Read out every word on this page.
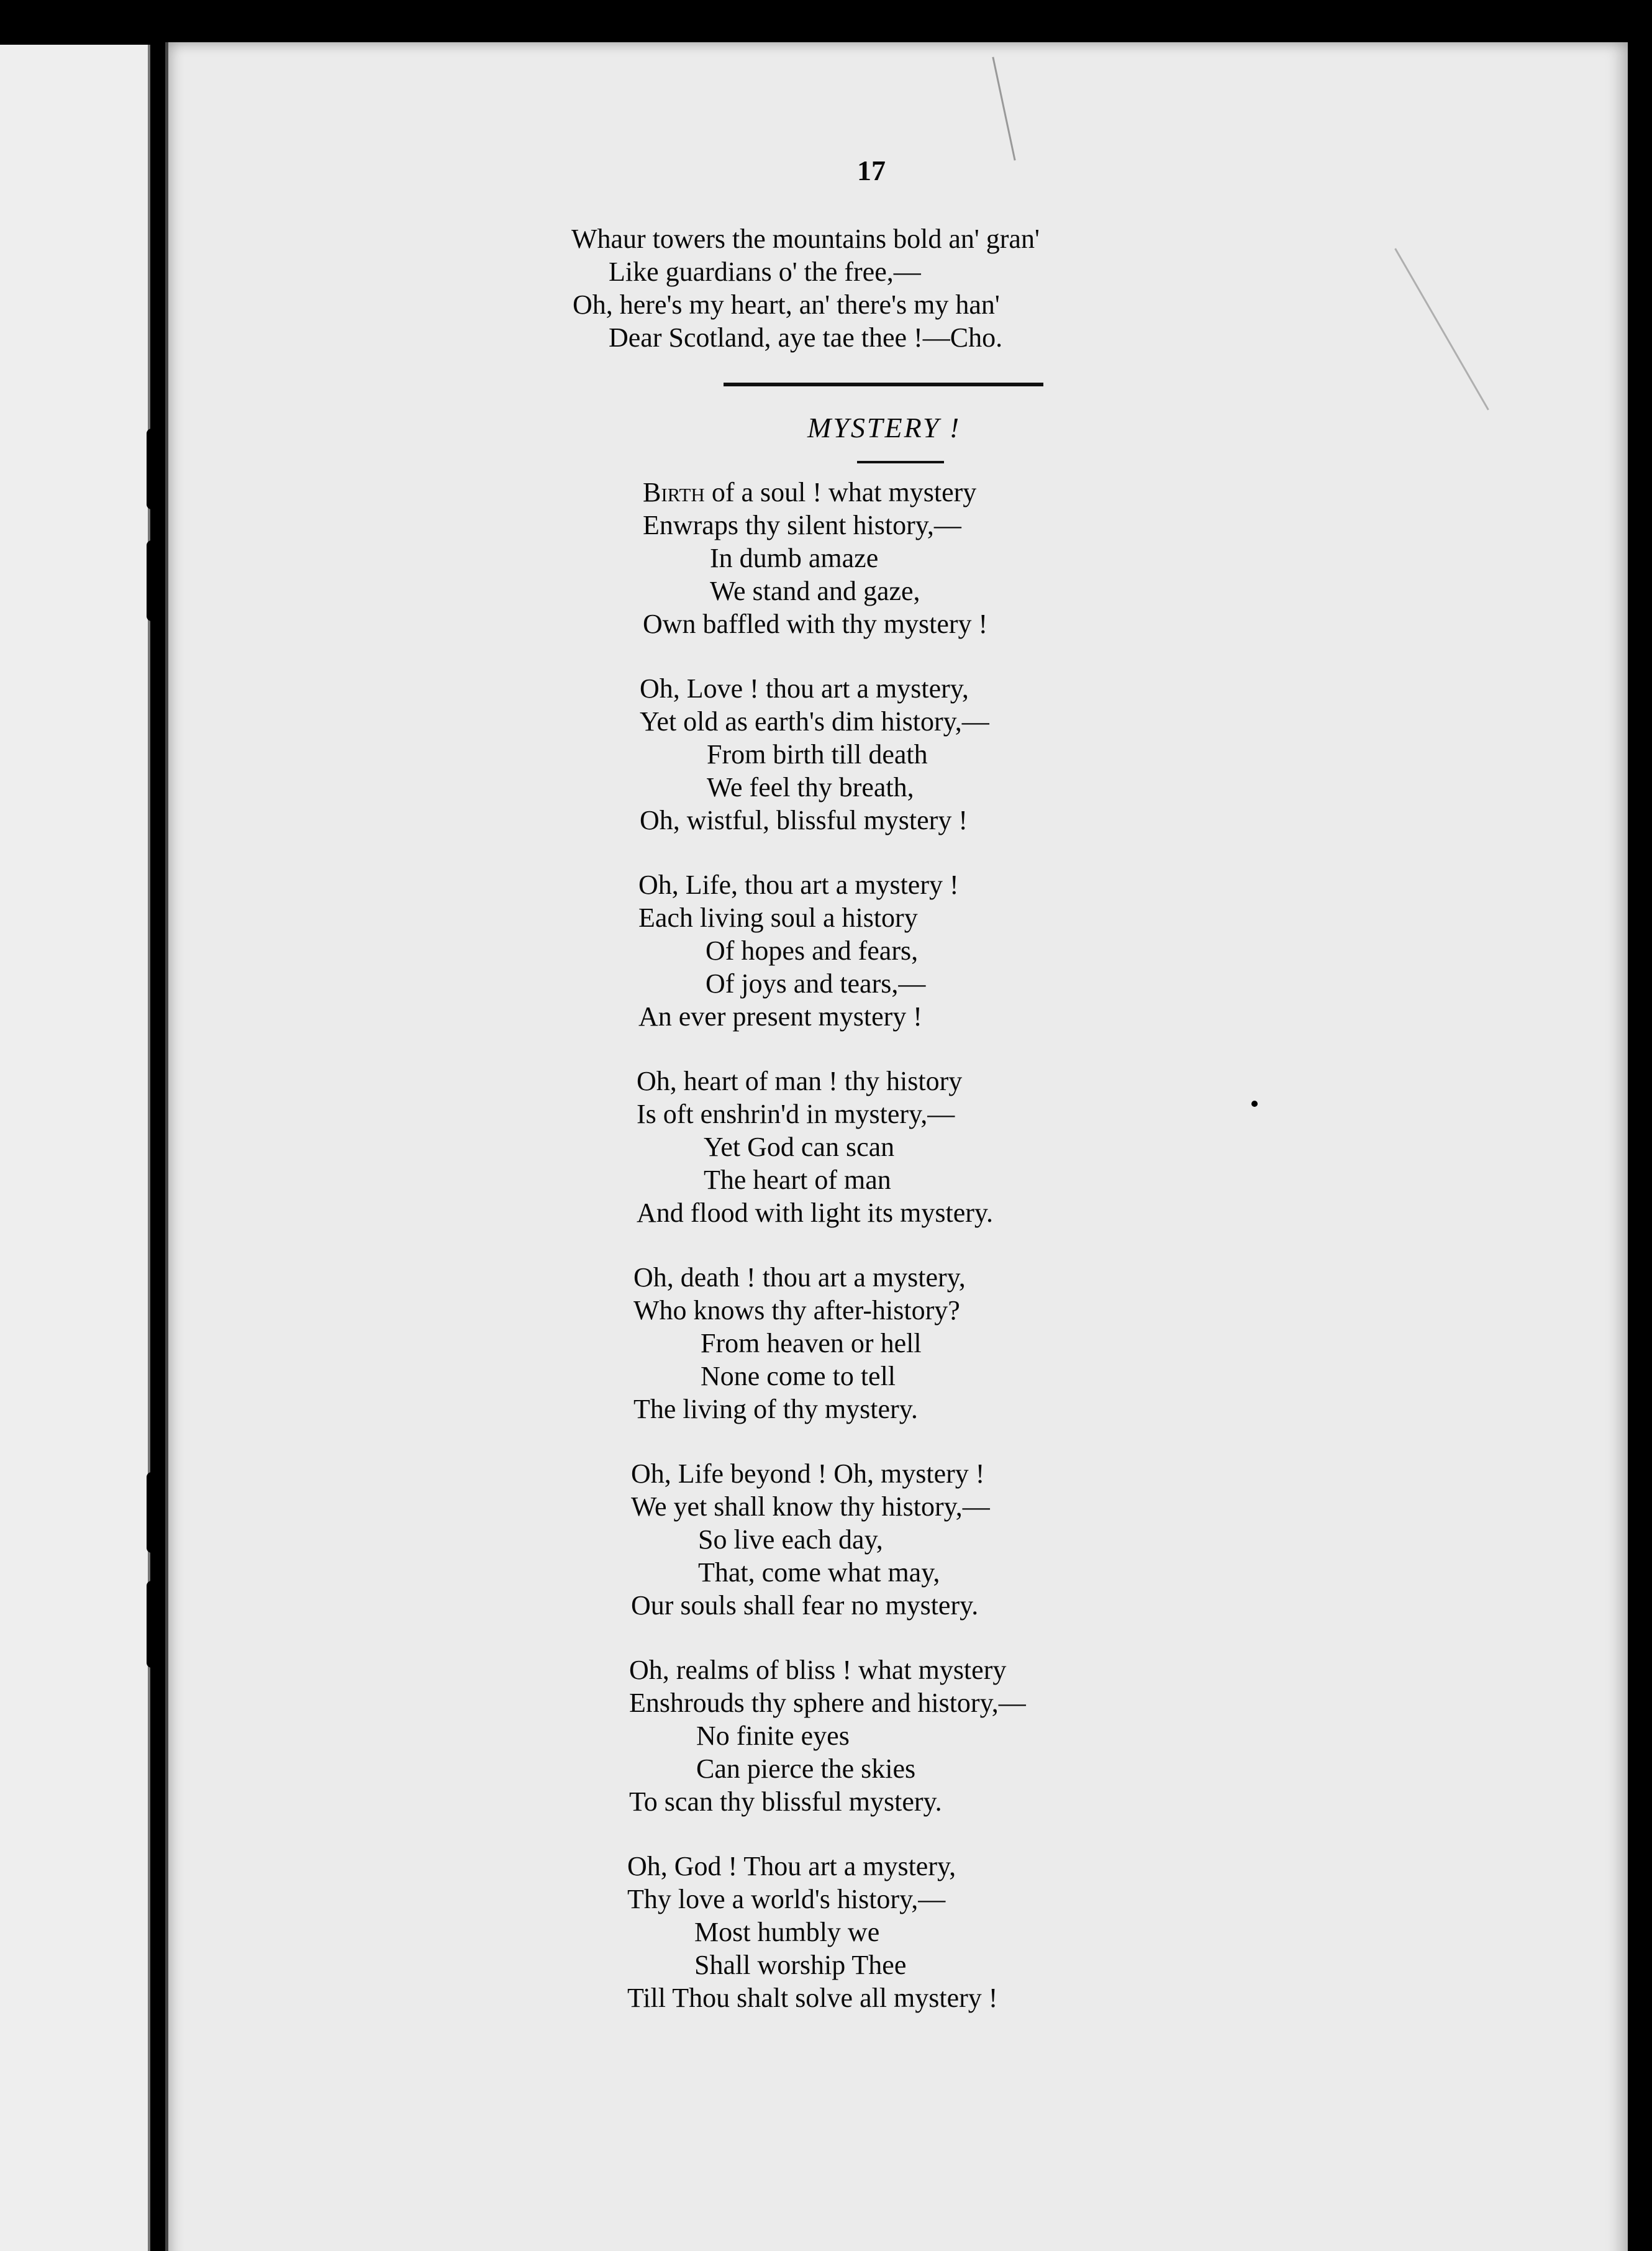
17
Whaur towers the mountains bold an' gran'
Like guardians o' the free,—
Oh, here's my heart, an' there's my han'
Dear Scotland, aye tae thee !—Cho.
MYSTERY !
Birth of a soul ! what mystery
Enwraps thy silent history,—
In dumb amaze
We stand and gaze,
Own baffled with thy mystery !
Oh, Love ! thou art a mystery,
Yet old as earth's dim history,—
From birth till death
We feel thy breath,
Oh, wistful, blissful mystery !
Oh, Life, thou art a mystery !
Each living soul a history
Of hopes and fears,
Of joys and tears,—
An ever present mystery !
Oh, heart of man ! thy history
Is oft enshrin'd in mystery,—
Yet God can scan
The heart of man
And flood with light its mystery.
Oh, death ! thou art a mystery,
Who knows thy after-history?
From heaven or hell
None come to tell
The living of thy mystery.
Oh, Life beyond ! Oh, mystery !
We yet shall know thy history,—
So live each day,
That, come what may,
Our souls shall fear no mystery.
Oh, realms of bliss ! what mystery
Enshrouds thy sphere and history,—
No finite eyes
Can pierce the skies
To scan thy blissful mystery.
Oh, God ! Thou art a mystery,
Thy love a world's history,—
Most humbly we
Shall worship Thee
Till Thou shalt solve all mystery !
